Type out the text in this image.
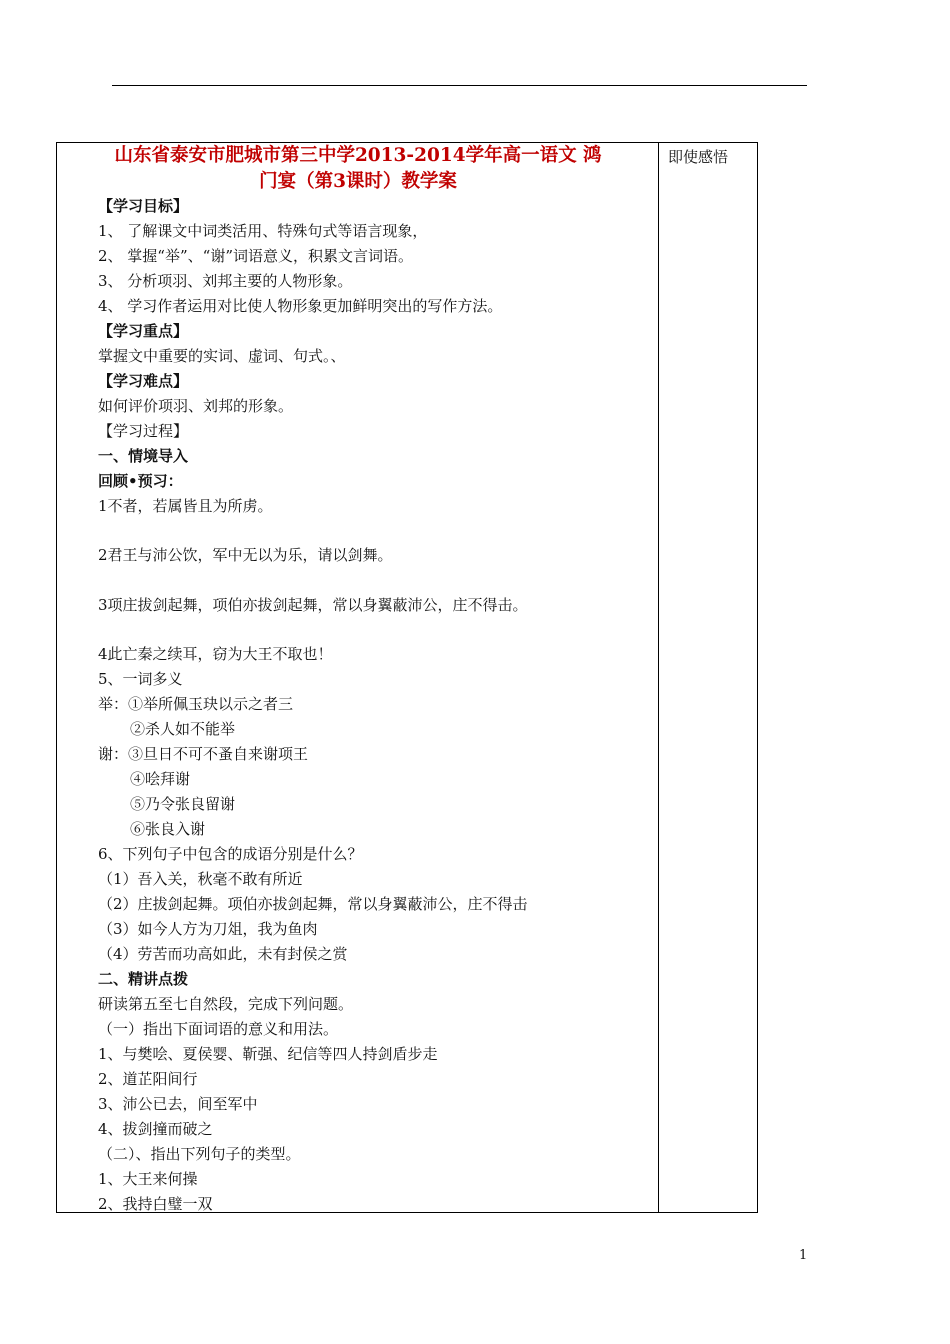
即使感悟
山东省泰安市肥城市第三中学2013-2014学年高一语文 鸿
门宴（第3课时）教学案
【学习目标】
1、 了解课文中词类活用、特殊句式等语言现象，
2、 掌握“举”、“谢”词语意义，积累文言词语。
3、 分析项羽、刘邦主要的人物形象。
4、 学习作者运用对比使人物形象更加鲜明突出的写作方法。
【学习重点】
掌握文中重要的实词、虚词、句式。、
【学习难点】
如何评价项羽、刘邦的形象。
【学习过程】
一、情境导入
回顾•预习：
1不者，若属皆且为所虏。
2君王与沛公饮，军中无以为乐，请以剑舞。
3项庄拔剑起舞，项伯亦拔剑起舞，常以身翼蔽沛公，庄不得击。
4此亡秦之续耳，窃为大王不取也！
5、一词多义
举：①举所佩玉玦以示之者三
②杀人如不能举
谢：③旦日不可不蚤自来谢项王
④哙拜谢
⑤乃令张良留谢
⑥张良入谢
6、下列句子中包含的成语分别是什么？
（1）吾入关，秋毫不敢有所近
（2）庄拔剑起舞。项伯亦拔剑起舞，常以身翼蔽沛公，庄不得击
（3）如今人方为刀俎，我为鱼肉
（4）劳苦而功高如此，未有封侯之赏
二、精讲点拨
研读第五至七自然段，完成下列问题。
（一）指出下面词语的意义和用法。
1、与樊哙、夏侯婴、靳强、纪信等四人持剑盾步走
2、道芷阳间行
3、沛公已去，间至军中
4、拔剑撞而破之
（二）、指出下列句子的类型。
1、大王来何操
2、我持白璧一双
1
